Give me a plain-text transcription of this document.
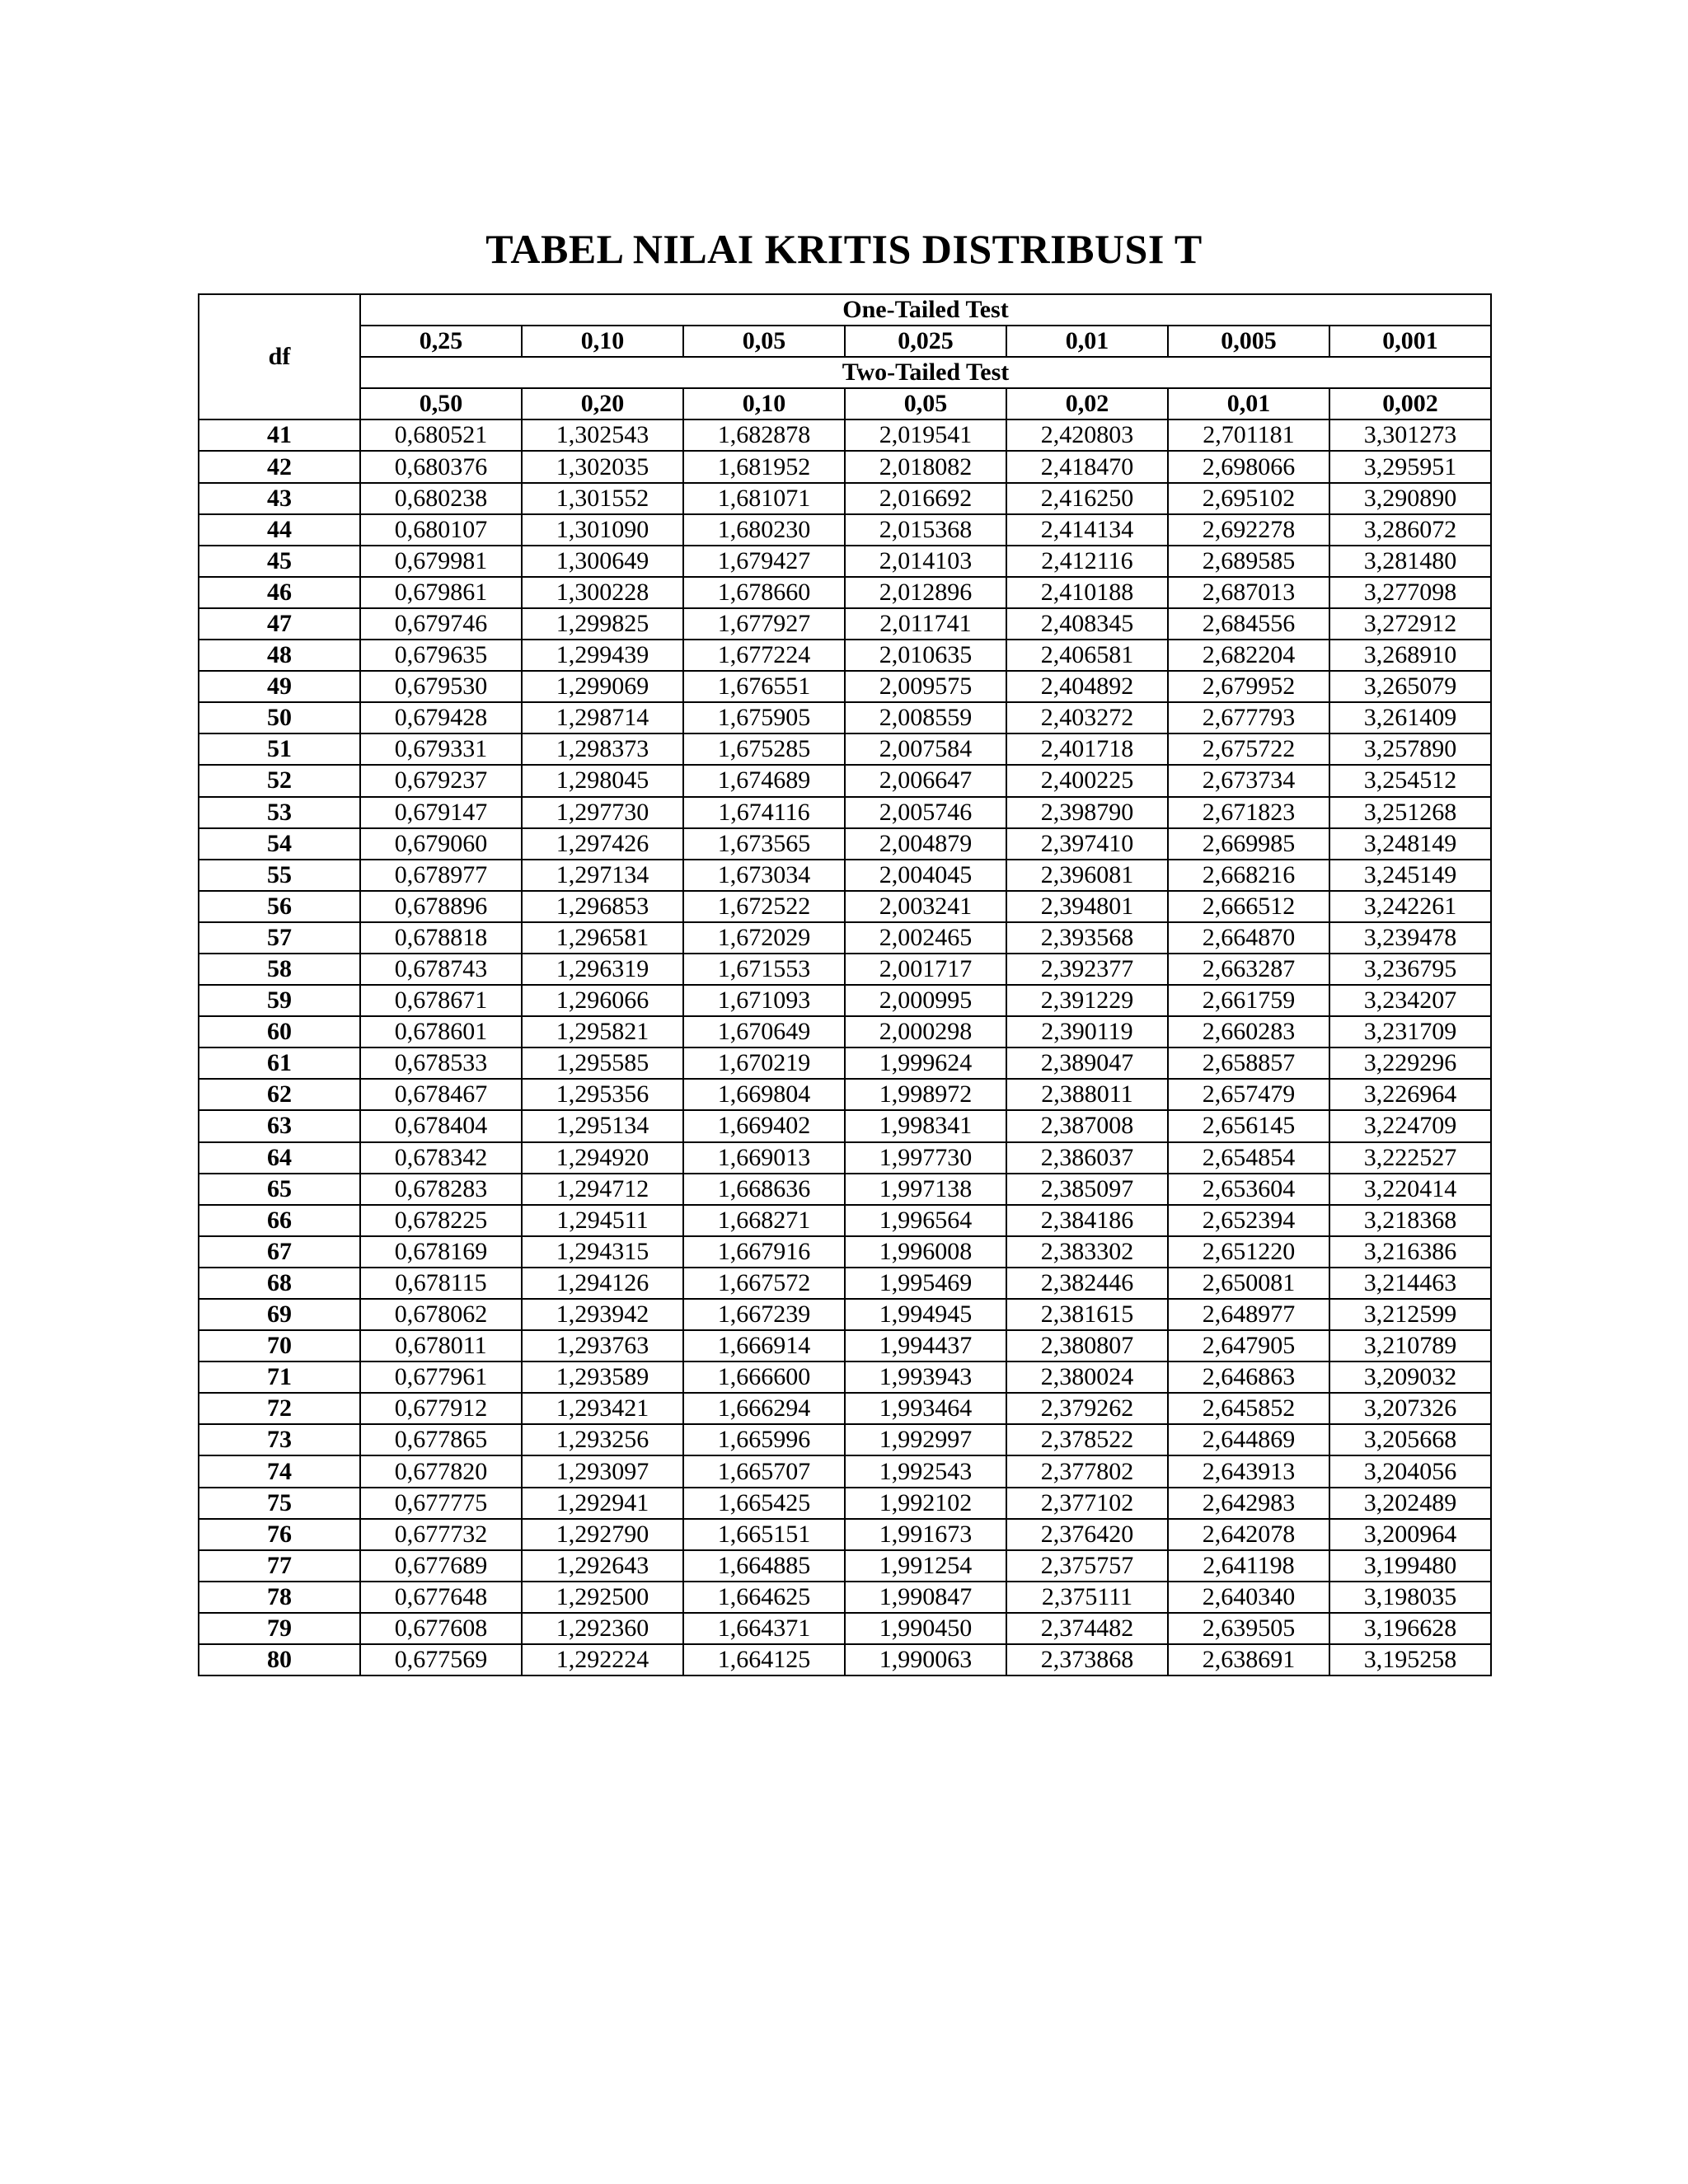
TABEL NILAI KRITIS DISTRIBUSI T
df	One-Tailed Test						
	0,25	0,10	0,05	0,025	0,01	0,005	0,001
	Two-Tailed Test						
	0,50	0,20	0,10	0,05	0,02	0,01	0,002
41	0,680521	1,302543	1,682878	2,019541	2,420803	2,701181	3,301273
42	0,680376	1,302035	1,681952	2,018082	2,418470	2,698066	3,295951
43	0,680238	1,301552	1,681071	2,016692	2,416250	2,695102	3,290890
44	0,680107	1,301090	1,680230	2,015368	2,414134	2,692278	3,286072
45	0,679981	1,300649	1,679427	2,014103	2,412116	2,689585	3,281480
46	0,679861	1,300228	1,678660	2,012896	2,410188	2,687013	3,277098
47	0,679746	1,299825	1,677927	2,011741	2,408345	2,684556	3,272912
48	0,679635	1,299439	1,677224	2,010635	2,406581	2,682204	3,268910
49	0,679530	1,299069	1,676551	2,009575	2,404892	2,679952	3,265079
50	0,679428	1,298714	1,675905	2,008559	2,403272	2,677793	3,261409
51	0,679331	1,298373	1,675285	2,007584	2,401718	2,675722	3,257890
52	0,679237	1,298045	1,674689	2,006647	2,400225	2,673734	3,254512
53	0,679147	1,297730	1,674116	2,005746	2,398790	2,671823	3,251268
54	0,679060	1,297426	1,673565	2,004879	2,397410	2,669985	3,248149
55	0,678977	1,297134	1,673034	2,004045	2,396081	2,668216	3,245149
56	0,678896	1,296853	1,672522	2,003241	2,394801	2,666512	3,242261
57	0,678818	1,296581	1,672029	2,002465	2,393568	2,664870	3,239478
58	0,678743	1,296319	1,671553	2,001717	2,392377	2,663287	3,236795
59	0,678671	1,296066	1,671093	2,000995	2,391229	2,661759	3,234207
60	0,678601	1,295821	1,670649	2,000298	2,390119	2,660283	3,231709
61	0,678533	1,295585	1,670219	1,999624	2,389047	2,658857	3,229296
62	0,678467	1,295356	1,669804	1,998972	2,388011	2,657479	3,226964
63	0,678404	1,295134	1,669402	1,998341	2,387008	2,656145	3,224709
64	0,678342	1,294920	1,669013	1,997730	2,386037	2,654854	3,222527
65	0,678283	1,294712	1,668636	1,997138	2,385097	2,653604	3,220414
66	0,678225	1,294511	1,668271	1,996564	2,384186	2,652394	3,218368
67	0,678169	1,294315	1,667916	1,996008	2,383302	2,651220	3,216386
68	0,678115	1,294126	1,667572	1,995469	2,382446	2,650081	3,214463
69	0,678062	1,293942	1,667239	1,994945	2,381615	2,648977	3,212599
70	0,678011	1,293763	1,666914	1,994437	2,380807	2,647905	3,210789
71	0,677961	1,293589	1,666600	1,993943	2,380024	2,646863	3,209032
72	0,677912	1,293421	1,666294	1,993464	2,379262	2,645852	3,207326
73	0,677865	1,293256	1,665996	1,992997	2,378522	2,644869	3,205668
74	0,677820	1,293097	1,665707	1,992543	2,377802	2,643913	3,204056
75	0,677775	1,292941	1,665425	1,992102	2,377102	2,642983	3,202489
76	0,677732	1,292790	1,665151	1,991673	2,376420	2,642078	3,200964
77	0,677689	1,292643	1,664885	1,991254	2,375757	2,641198	3,199480
78	0,677648	1,292500	1,664625	1,990847	2,375111	2,640340	3,198035
79	0,677608	1,292360	1,664371	1,990450	2,374482	2,639505	3,196628
80	0,677569	1,292224	1,664125	1,990063	2,373868	2,638691	3,195258
